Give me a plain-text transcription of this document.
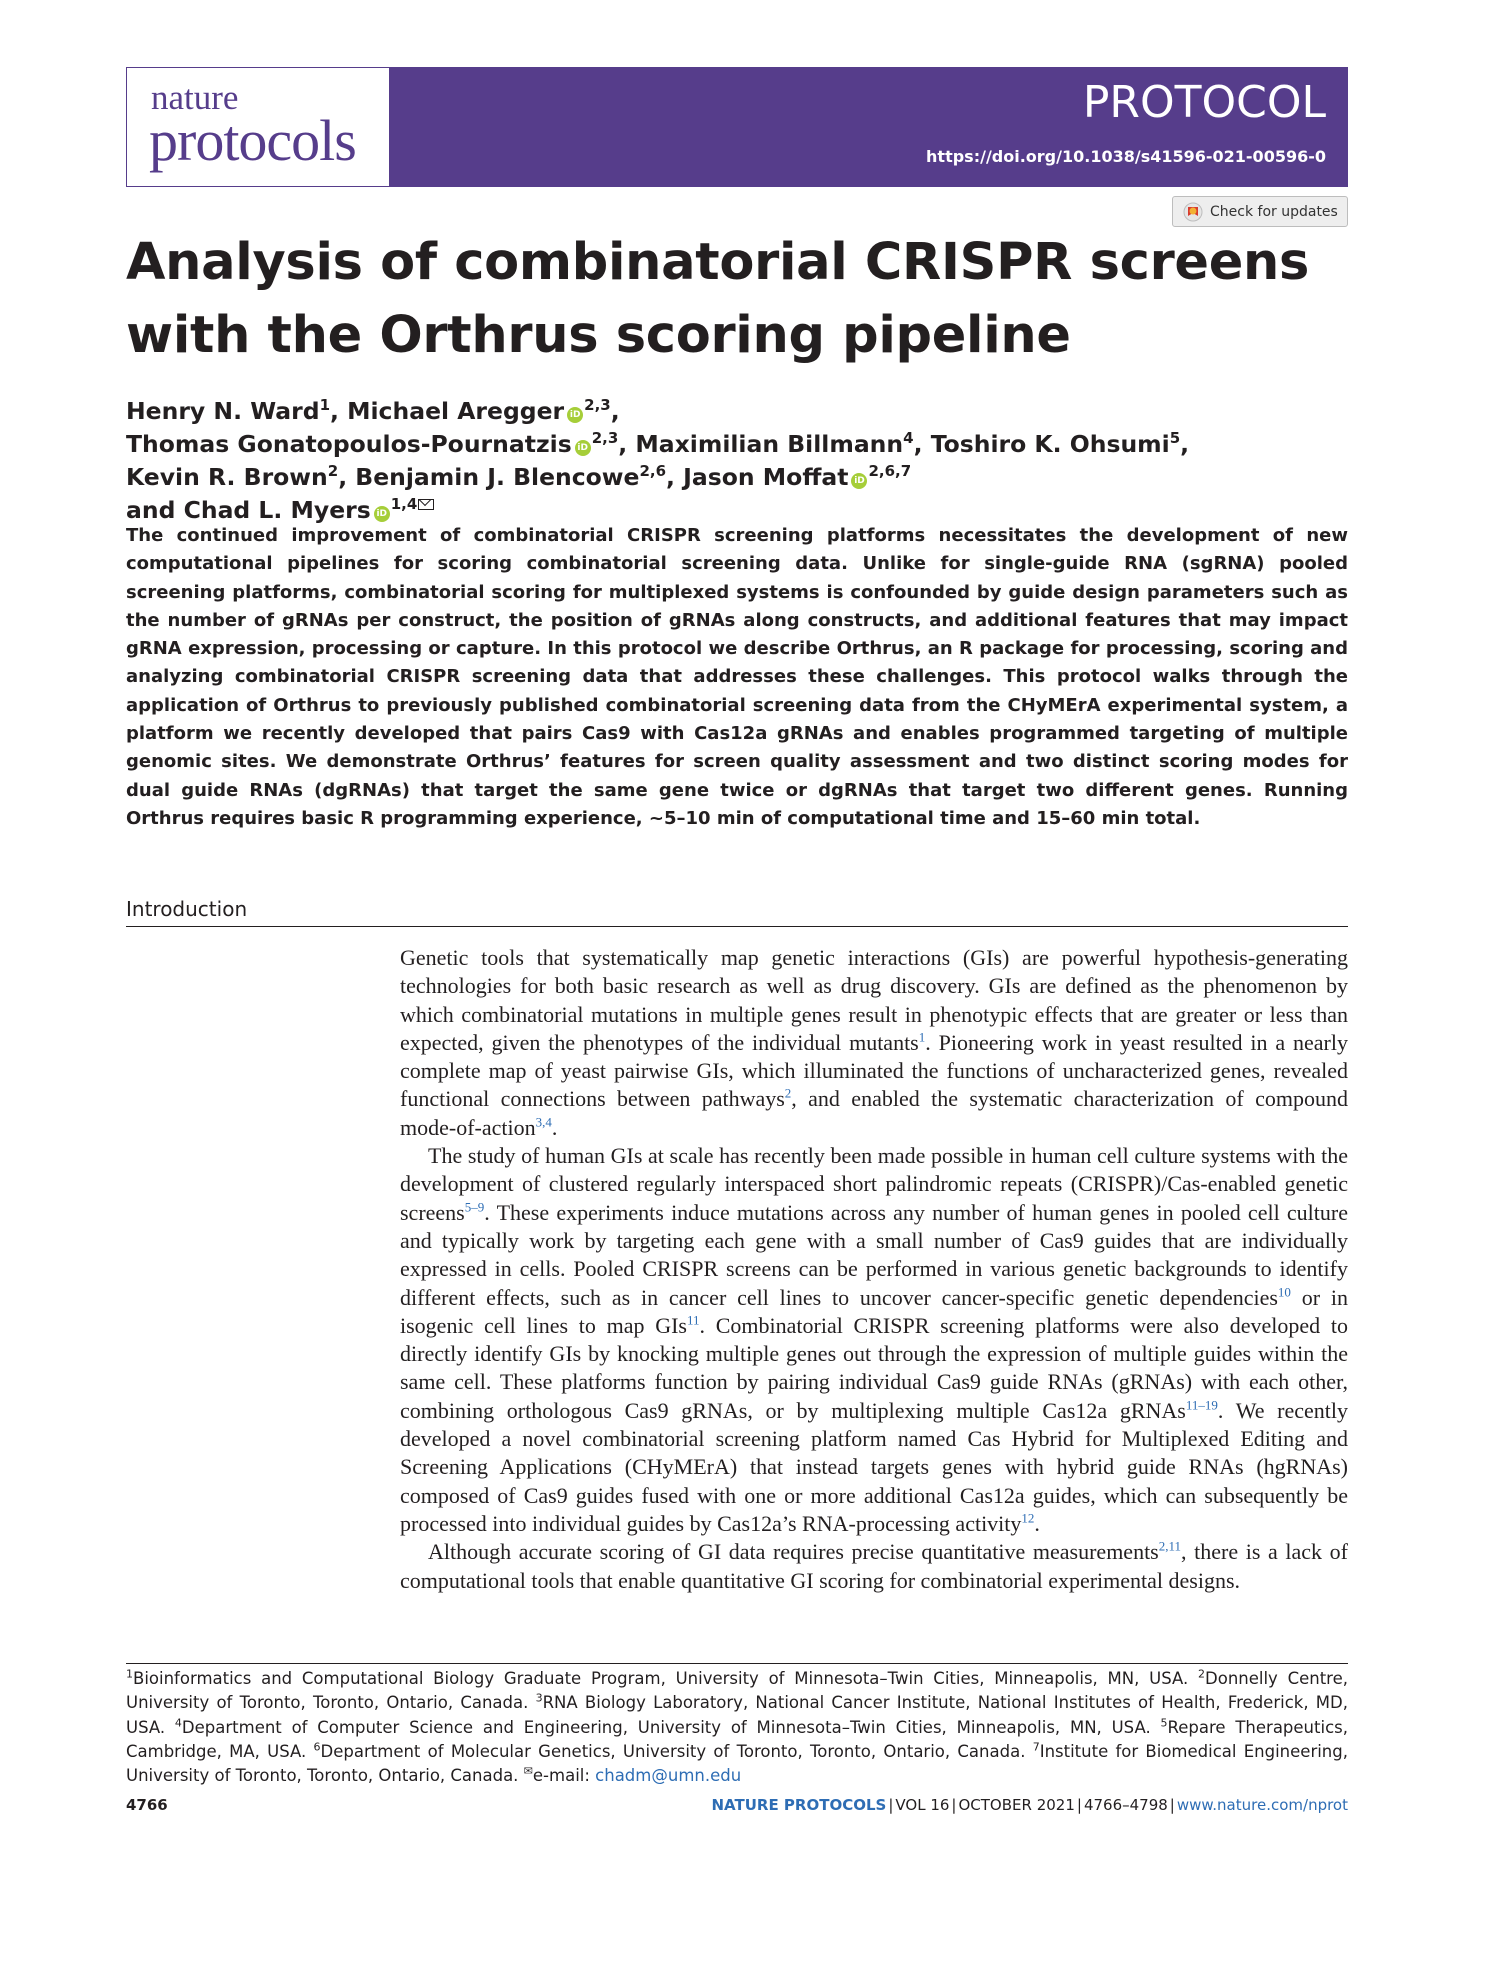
nature
protocols
PROTOCOL
https://doi.org/10.1038/s41596-021-00596-0
Check for updates
Analysis of combinatorial CRISPR screens with the Orthrus scoring pipeline
Henry N. Ward$^1$, Michael Aregger iD$^{2,3}$,
Thomas Gonatopoulos-Pournatzis iD$^{2,3}$, Maximilian Billmann$^4$, Toshiro K. Ohsumi$^5$,
Kevin R. Brown$^2$, Benjamin J. Blencowe$^{2,6}$, Jason Moffat iD$^{2,6,7}$
and Chad L. Myers iD$^{1,4}$

The continued improvement of combinatorial CRISPR screening platforms necessitates the development of new computational pipelines for scoring combinatorial screening data. Unlike for single-guide RNA (sgRNA) pooled screening platforms, combinatorial scoring for multiplexed systems is confounded by guide design parameters such as the number of gRNAs per construct, the position of gRNAs along constructs, and additional features that may impact gRNA expression, processing or capture. In this protocol we describe Orthrus, an R package for processing, scoring and analyzing combinatorial CRISPR screening data that addresses these challenges. This protocol walks through the application of Orthrus to previously published combinatorial screening data from the CHyMErA experimental system, a platform we recently developed that pairs Cas9 with Cas12a gRNAs and enables programmed targeting of multiple genomic sites. We demonstrate Orthrus’ features for screen quality assessment and two distinct scoring modes for dual guide RNAs (dgRNAs) that target the same gene twice or dgRNAs that target two different genes. Running Orthrus requires basic R programming experience, ~5–10 min of computational time and 15–60 min total.

Introduction

Genetic tools that systematically map genetic interactions (GIs) are powerful hypothesis-generating technologies for both basic research as well as drug discovery. GIs are defined as the phenomenon by which combinatorial mutations in multiple genes result in phenotypic effects that are greater or less than expected, given the phenotypes of the individual mutants$^1$. Pioneering work in yeast resulted in a nearly complete map of yeast pairwise GIs, which illuminated the functions of uncharacterized genes, revealed functional connections between pathways$^2$, and enabled the systematic characterization of compound mode-of-action$^{3,4}$.

The study of human GIs at scale has recently been made possible in human cell culture systems with the development of clustered regularly interspaced short palindromic repeats (CRISPR)/Cas-enabled genetic screens$^{5-9}$. These experiments induce mutations across any number of human genes in pooled cell culture and typically work by targeting each gene with a small number of Cas9 guides that are individually expressed in cells. Pooled CRISPR screens can be performed in various genetic backgrounds to identify different effects, such as in cancer cell lines to uncover cancer-specific genetic dependencies$^{10}$ or in isogenic cell lines to map GIs$^{11}$. Combinatorial CRISPR screening platforms were also developed to directly identify GIs by knocking multiple genes out through the expression of multiple guides within the same cell. These platforms function by pairing individual Cas9 guide RNAs (gRNAs) with each other, combining orthologous Cas9 gRNAs, or by multiplexing multiple Cas12a gRNAs$^{11-19}$. We recently developed a novel combinatorial screening platform named Cas Hybrid for Multiplexed Editing and Screening Applications (CHyMErA) that instead targets genes with hybrid guide RNAs (hgRNAs) composed of Cas9 guides fused with one or more additional Cas12a guides, which can subsequently be processed into individual guides by Cas12a’s RNA-processing activity$^{12}$.

Although accurate scoring of GI data requires precise quantitative measurements$^{2,11}$, there is a lack of computational tools that enable quantitative GI scoring for combinatorial experimental designs.

$^1$Bioinformatics and Computational Biology Graduate Program, University of Minnesota–Twin Cities, Minneapolis, MN, USA. $^2$Donnelly Centre, University of Toronto, Toronto, Ontario, Canada. $^3$RNA Biology Laboratory, National Cancer Institute, National Institutes of Health, Frederick, MD, USA. $^4$Department of Computer Science and Engineering, University of Minnesota–Twin Cities, Minneapolis, MN, USA. $^5$Repare Therapeutics, Cambridge, MA, USA. $^6$Department of Molecular Genetics, University of Toronto, Toronto, Ontario, Canada. $^7$Institute for Biomedical Engineering, University of Toronto, Toronto, Ontario, Canada. ✉e-mail: chadm@umn.edu
4766	NATURE PROTOCOLS | VOL 16 | OCTOBER 2021 | 4766–4798 | www.nature.com/nprot
